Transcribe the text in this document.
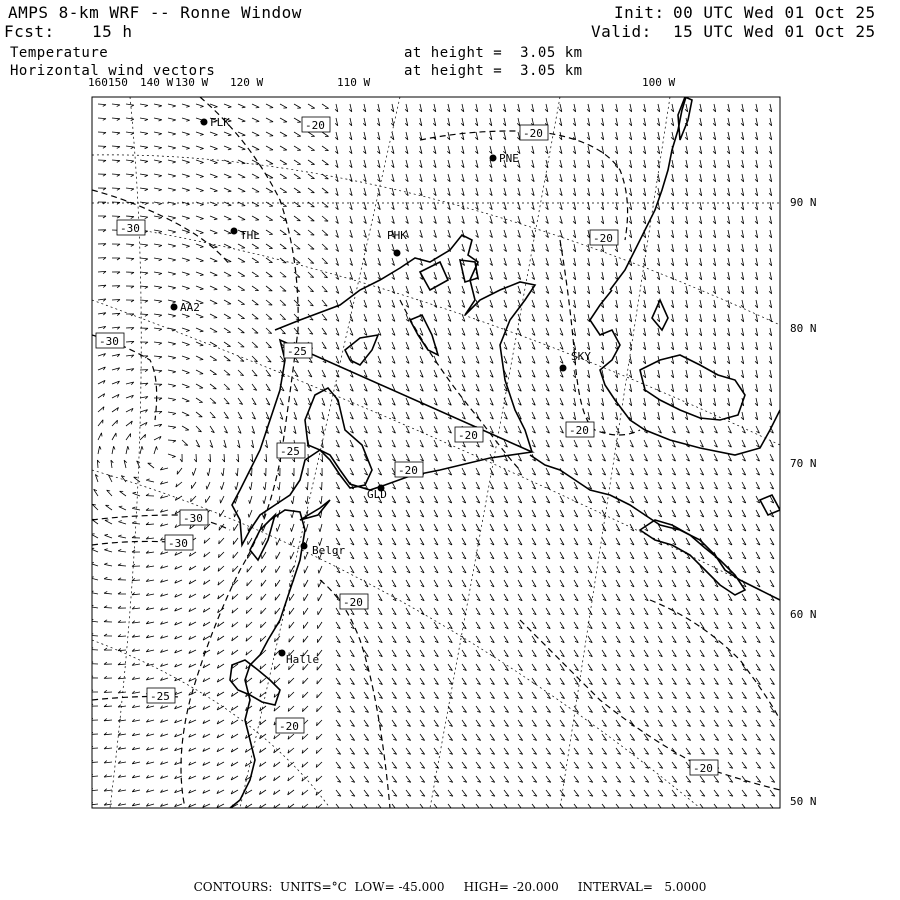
AMPS 8-km WRF -- Ronne Window
Fcst: 15 h
Init: 00 UTC Wed 01 Oct 25
Valid: 15 UTC Wed 01 Oct 25
Temperature
Horizontal wind vectors
at height =  3.05 km
at height =  3.05 km
160 150 140 W 130 W 120 W	110 W	100 W
90 N
80 N
70 N
60 N
50 N
FLK
PNE
PHK
THL
AA2
SKY
GLD
Belgr
Halle
-20
-20
-20
-30
-30
-25
-20	-20
-20
-25
-30
-30
-20
-25
-20
-20
CONTOURS:  UNITS=°C  LOW= -45.000     HIGH= -20.000     INTERVAL=   5.0000
